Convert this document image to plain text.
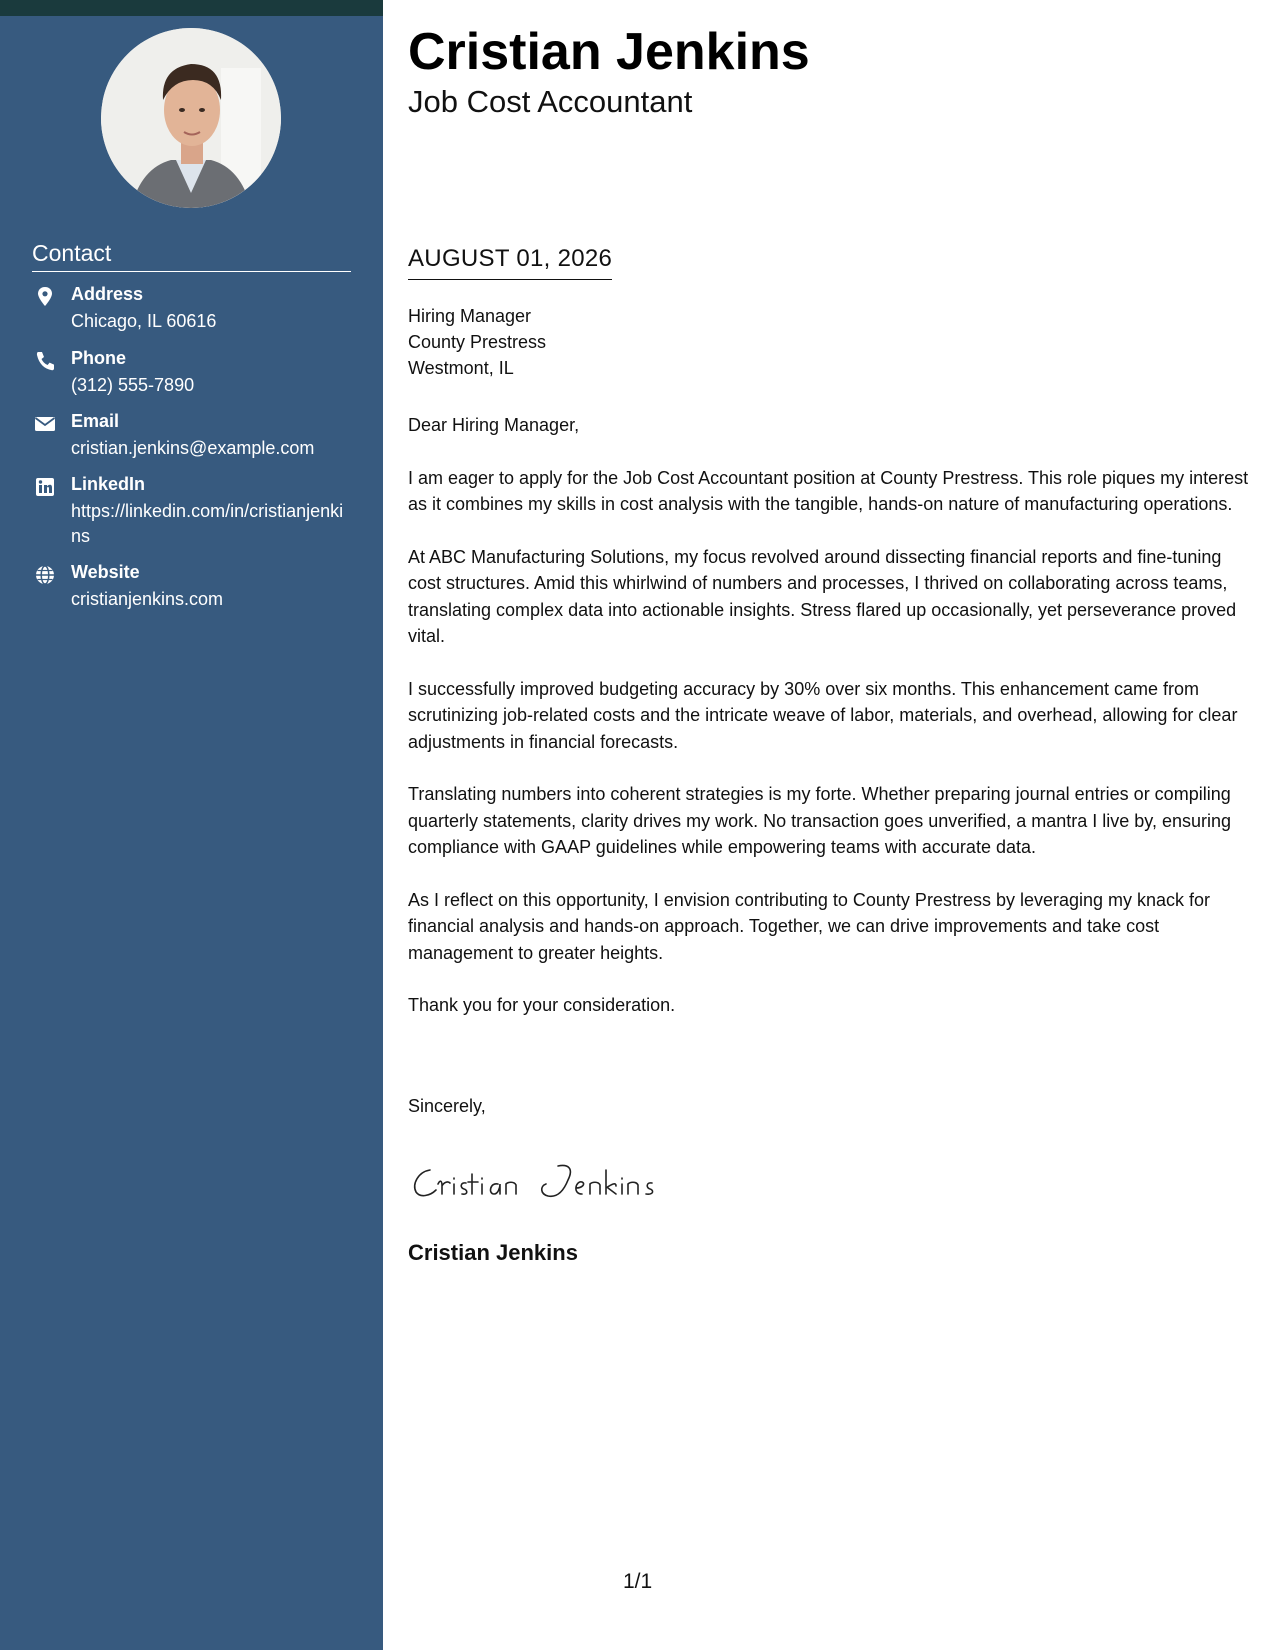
Contact
Address
Chicago, IL 60616
Phone
(312) 555-7890
Email
cristian.jenkins@example.com
LinkedIn
https://linkedin.com/in/cristianjenkins
Website
cristianjenkins.com
Cristian Jenkins
Job Cost Accountant
AUGUST 01, 2026
Hiring Manager
County Prestress
Westmont, IL

Dear Hiring Manager,

I am eager to apply for the Job Cost Accountant position at County Prestress. This role piques my interest as it combines my skills in cost analysis with the tangible, hands-on nature of manufacturing operations.

At ABC Manufacturing Solutions, my focus revolved around dissecting financial reports and fine-tuning cost structures. Amid this whirlwind of numbers and processes, I thrived on collaborating across teams, translating complex data into actionable insights. Stress flared up occasionally, yet perseverance proved vital.

I successfully improved budgeting accuracy by 30% over six months. This enhancement came from scrutinizing job-related costs and the intricate weave of labor, materials, and overhead, allowing for clear adjustments in financial forecasts.

Translating numbers into coherent strategies is my forte. Whether preparing journal entries or compiling quarterly statements, clarity drives my work. No transaction goes unverified, a mantra I live by, ensuring compliance with GAAP guidelines while empowering teams with accurate data.

As I reflect on this opportunity, I envision contributing to County Prestress by leveraging my knack for financial analysis and hands-on approach. Together, we can drive improvements and take cost management to greater heights.

Thank you for your consideration.

Sincerely,
Cristian Jenkins
1/1
